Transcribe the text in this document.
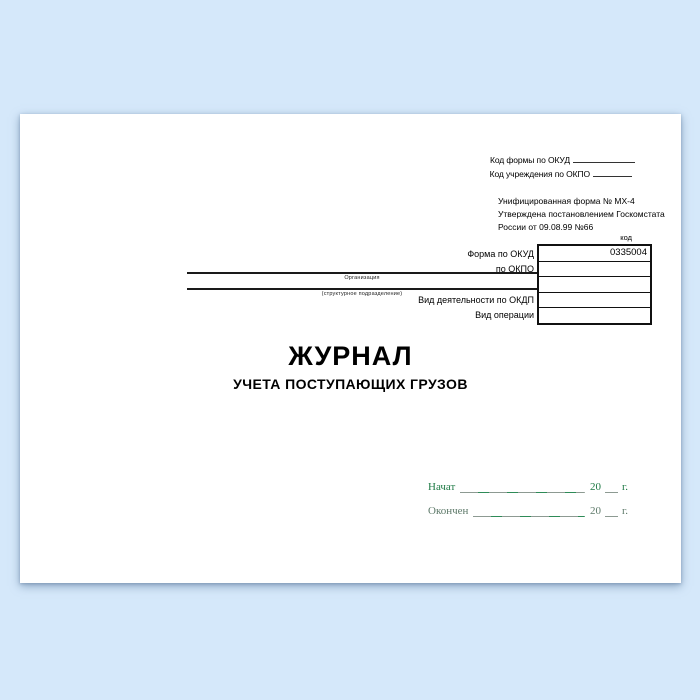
Код формы по ОКУД
Код учреждения по ОКПО
Унифицированная форма № МХ-4
Утверждена постановлением Госкомстата
России от 09.08.99 №66
код
Форма по ОКУД
по ОКПО
Вид деятельности по ОКДП
Вид операции
0335004
Организация
(структурное подразделение)
ЖУРНАЛ
УЧЕТА ПОСТУПАЮЩИХ ГРУЗОВ
Начат	20 г.
Окончен	20 г.
